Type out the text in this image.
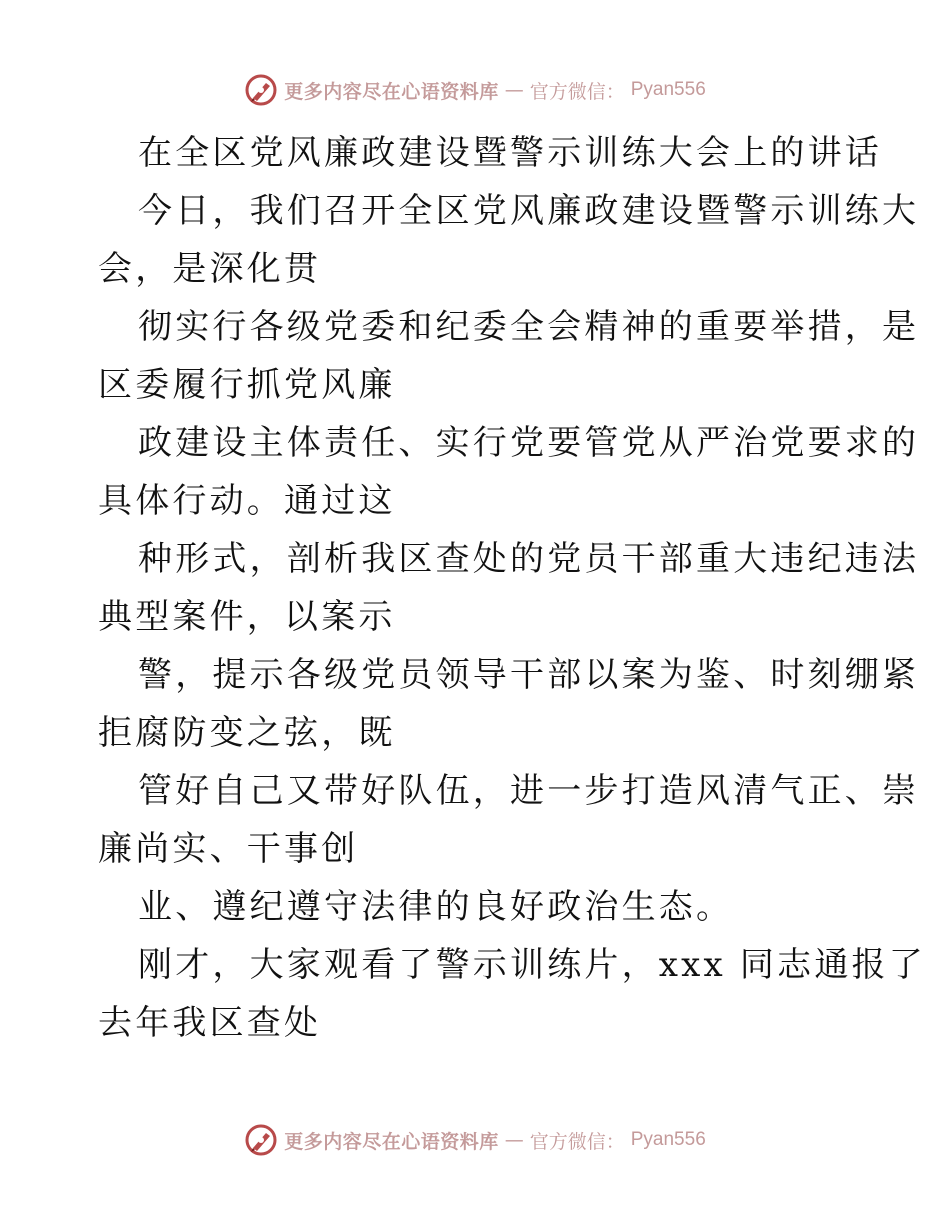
更多内容尽在心语资料库 — 官方微信： Pyan556
在全区党风廉政建设暨警示训练大会上的讲话
今日，我们召开全区党风廉政建设暨警示训练大
会，是深化贯
彻实行各级党委和纪委全会精神的重要举措，是
区委履行抓党风廉
政建设主体责任、实行党要管党从严治党要求的
具体行动。通过这
种形式，剖析我区查处的党员干部重大违纪违法
典型案件，以案示
警，提示各级党员领导干部以案为鉴、时刻绷紧
拒腐防变之弦，既
管好自己又带好队伍，进一步打造风清气正、崇
廉尚实、干事创
业、遵纪遵守法律的良好政治生态。
刚才，大家观看了警示训练片，xxx 同志通报了
去年我区查处
更多内容尽在心语资料库 — 官方微信： Pyan556
